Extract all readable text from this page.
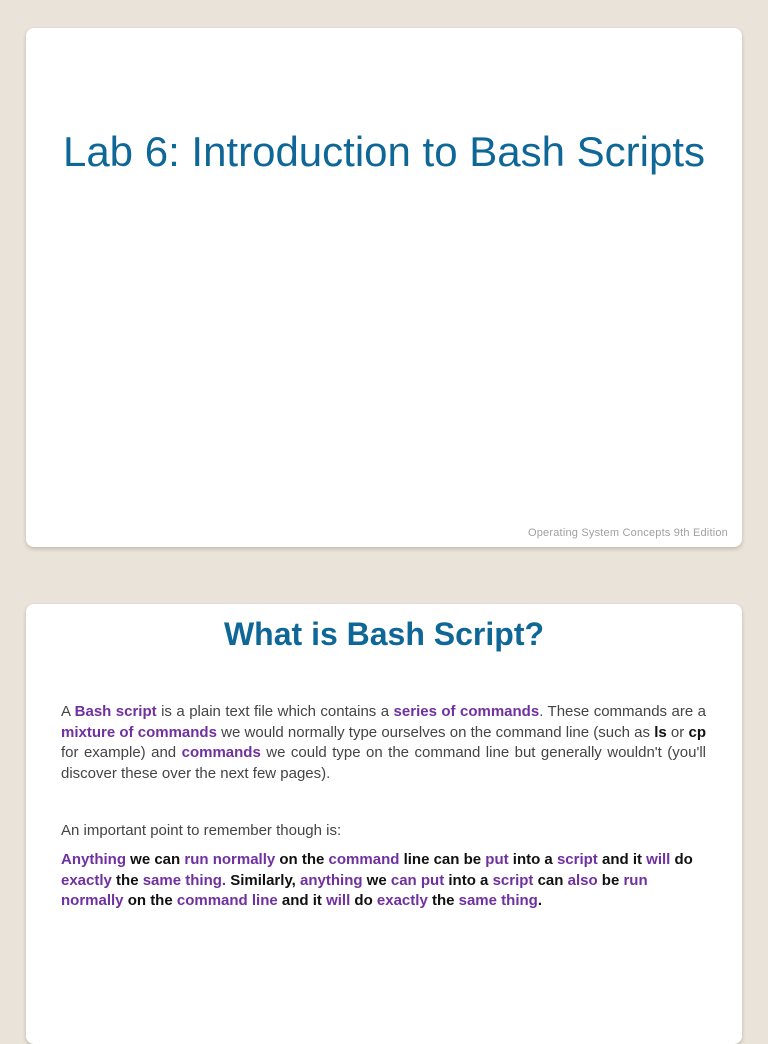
Lab 6: Introduction to Bash Scripts
Operating System Concepts 9th Edition
What is Bash Script?
A Bash script is a plain text file which contains a series of commands. These commands are a mixture of commands we would normally type ourselves on the command line (such as ls or cp for example) and commands we could type on the command line but generally wouldn't (you'll discover these over the next few pages).
An important point to remember though is:
Anything we can run normally on the command line can be put into a script and it will do exactly the same thing. Similarly, anything we can put into a script can also be run normally on the command line and it will do exactly the same thing.
